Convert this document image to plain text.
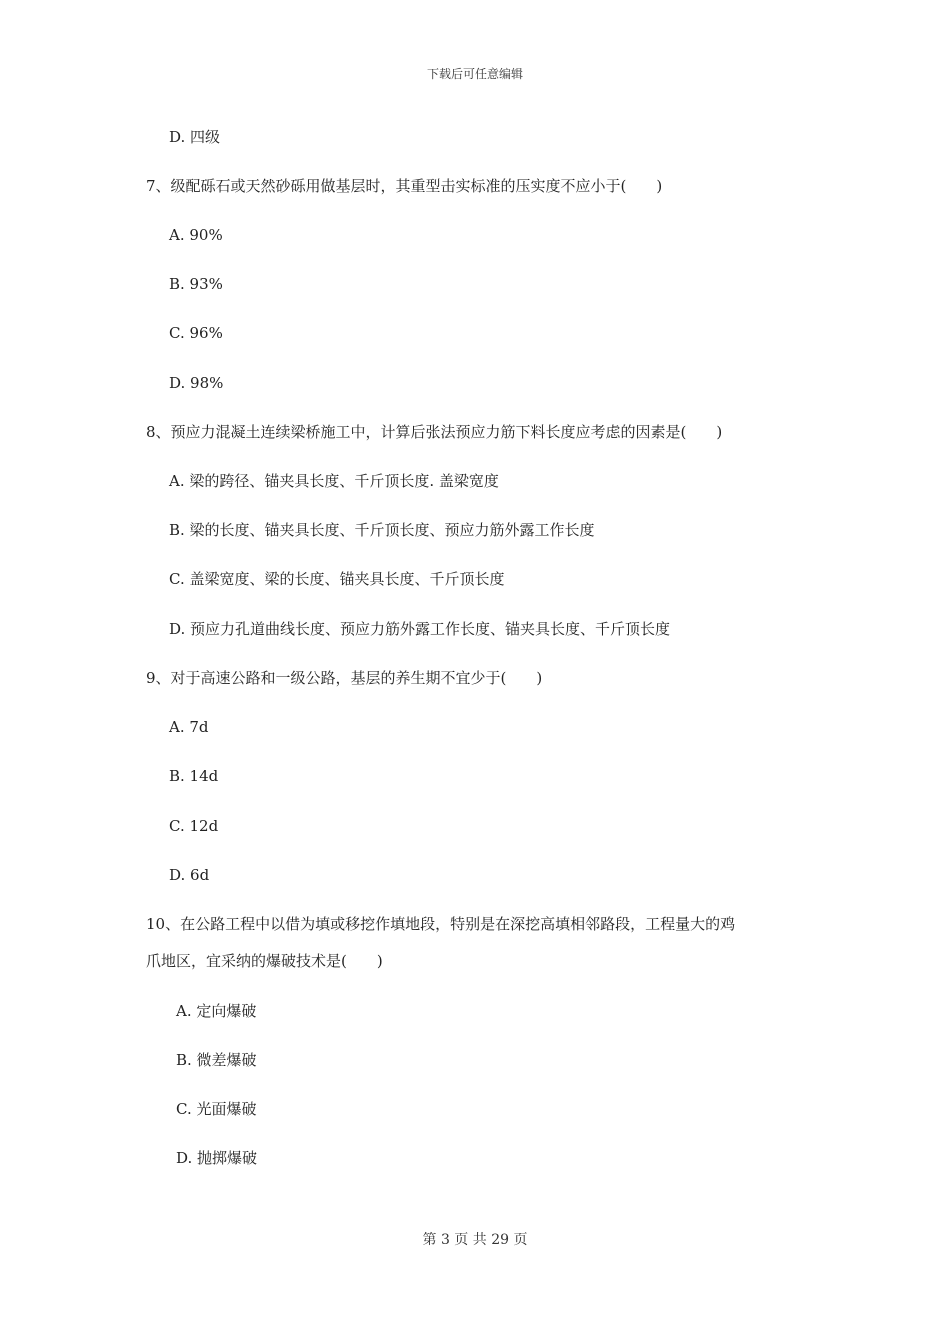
下载后可任意编辑
D. 四级
7、级配砾石或天然砂砾用做基层时，其重型击实标准的压实度不应小于(　　)
A. 90%
B. 93%
C. 96%
D. 98%
8、预应力混凝土连续梁桥施工中，计算后张法预应力筋下料长度应考虑的因素是(　　)
A. 梁的跨径、锚夹具长度、千斤顶长度. 盖梁宽度
B. 梁的长度、锚夹具长度、千斤顶长度、预应力筋外露工作长度
C. 盖梁宽度、梁的长度、锚夹具长度、千斤顶长度
D. 预应力孔道曲线长度、预应力筋外露工作长度、锚夹具长度、千斤顶长度
9、对于高速公路和一级公路，基层的养生期不宜少于(　　)
A. 7d
B. 14d
C. 12d
D. 6d
10、在公路工程中以借为填或移挖作填地段，特别是在深挖高填相邻路段，工程量大的鸡
爪地区，宜采纳的爆破技术是(　　)
A. 定向爆破
B. 微差爆破
C. 光面爆破
D. 抛掷爆破
第 3 页 共 29 页
